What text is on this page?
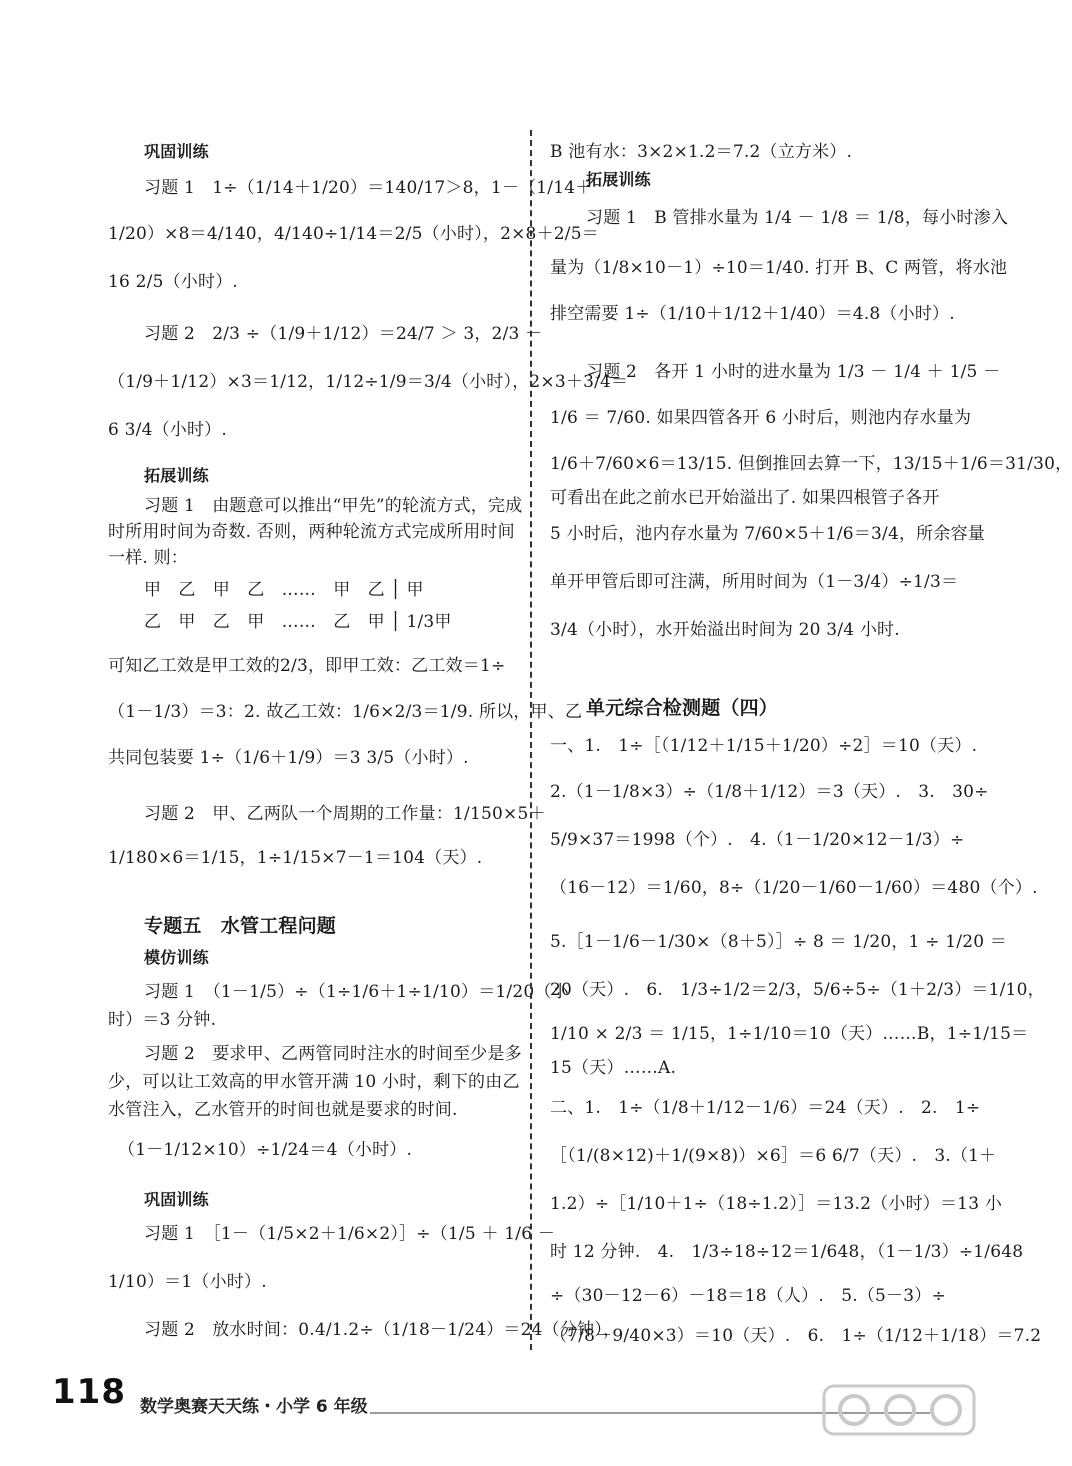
巩固训练
习题 1　1÷（1/14＋1/20）＝140/17＞8，1－（1/14＋
1/20）×8＝4/140，4/140÷1/14＝2/5（小时），2×8＋2/5＝
16 2/5（小时）.
习题 2　2/3 ÷（1/9＋1/12）＝24/7 ＞ 3，2/3 －
（1/9＋1/12）×3＝1/12，1/12÷1/9＝3/4（小时），2×3＋3/4＝
6 3/4（小时）.
拓展训练
习题 1　由题意可以推出“甲先”的轮流方式，完成
时所用时间为奇数. 否则，两种轮流方式完成所用时间
一样. 则：
甲　乙　甲　乙　……　甲　乙 │ 甲
乙　甲　乙　甲　……　乙　甲 │ 1/3甲
可知乙工效是甲工效的2/3，即甲工效：乙工效＝1÷
（1－1/3）＝3：2. 故乙工效：1/6×2/3＝1/9. 所以，甲、乙
共同包装要 1÷（1/6＋1/9）＝3 3/5（小时）.
习题 2　甲、乙两队一个周期的工作量：1/150×5＋
1/180×6＝1/15，1÷1/15×7－1＝104（天）.
专题五　水管工程问题
模仿训练
习题 1　（1－1/5）÷（1÷1/6＋1÷1/10）＝1/20（小
时）＝3 分钟.
习题 2　要求甲、乙两管同时注水的时间至少是多
少，可以让工效高的甲水管开满 10 小时，剩下的由乙
水管注入，乙水管开的时间也就是要求的时间.
（1－1/12×10）÷1/24＝4（小时）.
巩固训练
习题 1　［1－（1/5×2＋1/6×2）］÷（1/5 ＋ 1/6 －
1/10）＝1（小时）.
习题 2　放水时间：0.4/1.2÷（1/18－1/24）＝24（分钟），
B 池有水：3×2×1.2＝7.2（立方米）.
拓展训练
习题 1　B 管排水量为 1/4 － 1/8 ＝ 1/8，每小时渗入
量为（1/8×10－1）÷10＝1/40. 打开 B、C 两管，将水池
排空需要 1÷（1/10＋1/12＋1/40）＝4.8（小时）.
习题 2　各开 1 小时的进水量为 1/3 － 1/4 ＋ 1/5 －
1/6 ＝ 7/60. 如果四管各开 6 小时后，则池内存水量为
1/6＋7/60×6＝13/15. 但倒推回去算一下，13/15＋1/6＝31/30，
可看出在此之前水已开始溢出了. 如果四根管子各开
5 小时后，池内存水量为 7/60×5＋1/6＝3/4，所余容量
单开甲管后即可注满，所用时间为（1－3/4）÷1/3＝
3/4（小时），水开始溢出时间为 20 3/4 小时.
单元综合检测题（四）
一、1.　1÷［（1/12＋1/15＋1/20）÷2］＝10（天）.
2.（1－1/8×3）÷（1/8＋1/12）＝3（天）.　3.　30÷
5/9×37＝1998（个）.　4.（1－1/20×12－1/3）÷
（16－12）＝1/60，8÷（1/20－1/60－1/60）＝480（个）.
5.［1－1/6－1/30×（8＋5）］÷ 8 ＝ 1/20，1 ÷ 1/20 ＝
20（天）.　6.　1/3÷1/2＝2/3，5/6÷5÷（1＋2/3）＝1/10，
1/10 × 2/3 ＝ 1/15，1÷1/10＝10（天）……B，1÷1/15＝
15（天）……A.
二、1.　1÷（1/8＋1/12－1/6）＝24（天）.　2.　1÷
［（1/(8×12)＋1/(9×8)）×6］＝6 6/7（天）.　3.（1＋
1.2）÷［1/10＋1÷（18÷1.2）］＝13.2（小时）＝13 小
时 12 分钟.　4.　1/3÷18÷12＝1/648，（1－1/3）÷1/648
÷（30－12－6）－18＝18（人）.　5.（5－3）÷
（7/8－9/40×3）＝10（天）.　6.　1÷（1/12＋1/18）＝7.2
118 数学奥赛天天练・小学 6 年级
